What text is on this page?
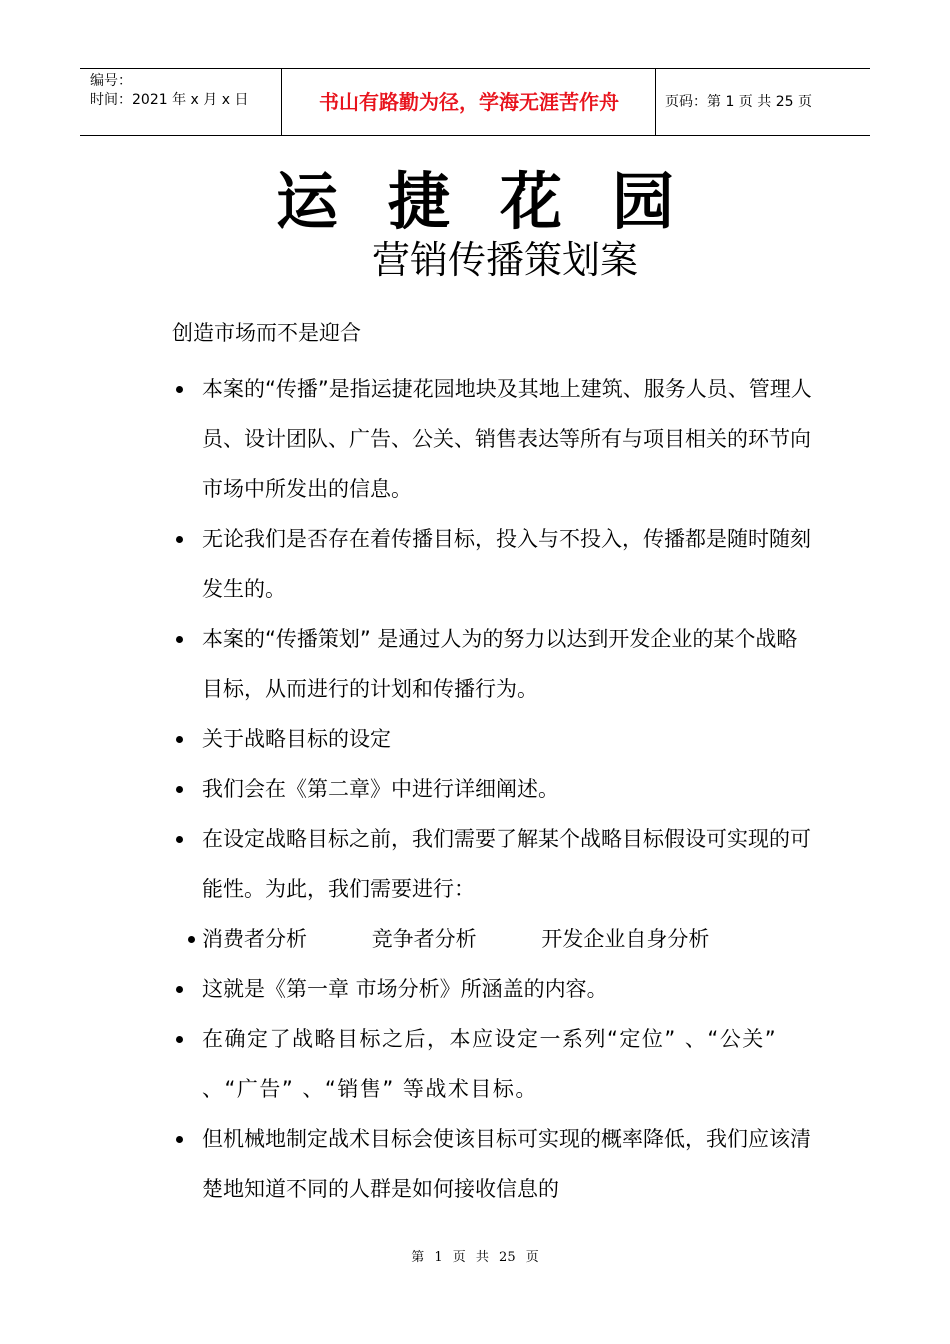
编号：
时间：2021 年 x 月 x 日	书山有路勤为径，学海无涯苦作舟	页码：第 1 页 共 25 页
运捷花园
营销传播策划案
创造市场而不是迎合
本案的“传播”是指运捷花园地块及其地上建筑、服务人员、管理人员、设计团队、广告、公关、销售表达等所有与项目相关的环节向市场中所发出的信息。
无论我们是否存在着传播目标，投入与不投入，传播都是随时随刻发生的。
本案的“传播策划” 是通过人为的努力以达到开发企业的某个战略目标，从而进行的计划和传播行为。
关于战略目标的设定
我们会在《第二章》中进行详细阐述。
在设定战略目标之前，我们需要了解某个战略目标假设可实现的可能性。为此，我们需要进行：
消费者分析	竞争者分析	开发企业自身分析
这就是《第一章 市场分析》所涵盖的内容。
在确定了战略目标之后，本应设定一系列“定位” 、“公关” 、“广告” 、“销售” 等战术目标。
但机械地制定战术目标会使该目标可实现的概率降低，我们应该清楚地知道不同的人群是如何接收信息的
第 1 页 共 25 页
